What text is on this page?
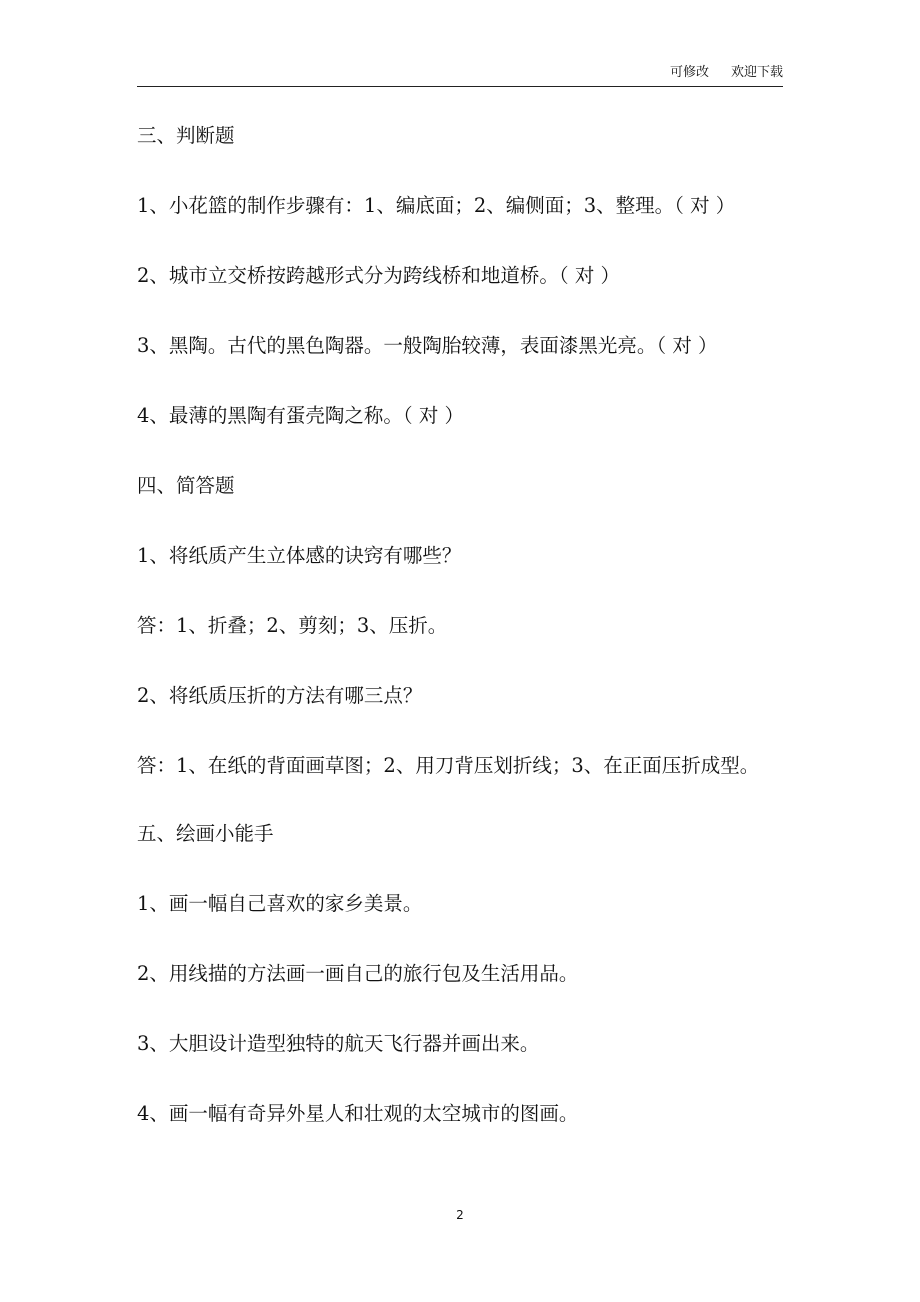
可修改 欢迎下载
三、判断题
1、小花篮的制作步骤有：1、编底面；2、编侧面；3、整理。（ 对 ）
2、城市立交桥按跨越形式分为跨线桥和地道桥。（ 对 ）
3、黑陶。古代的黑色陶器。一般陶胎较薄，表面漆黑光亮。（ 对 ）
4、最薄的黑陶有蛋壳陶之称。（ 对 ）
四、简答题
1、将纸质产生立体感的诀窍有哪些？
答：1、折叠；2、剪刻；3、压折。
2、将纸质压折的方法有哪三点？
答：1、在纸的背面画草图；2、用刀背压划折线；3、在正面压折成型。
五、绘画小能手
1、画一幅自己喜欢的家乡美景。
2、用线描的方法画一画自己的旅行包及生活用品。
3、大胆设计造型独特的航天飞行器并画出来。
4、画一幅有奇异外星人和壮观的太空城市的图画。
2
